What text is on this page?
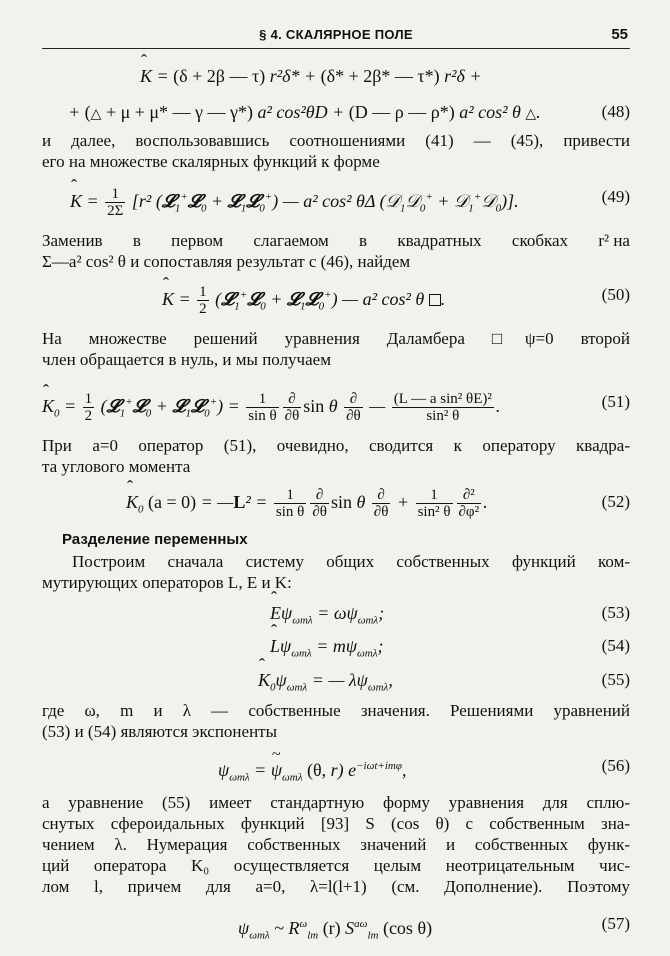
§ 4. СКАЛЯРНОЕ ПОЛЕ	55
ˆ K = (δ + 2β — τ) r²δ* + (δ* + 2β* — τ*) r²δ +
+ (△ + μ + μ* — γ — γ*) a² cos²θD + (D — ρ — ρ*) a² cos² θ △.	(48)
и далее, воспользовавшись соотношениями (41) — (45), привести
его на множестве скалярных функций к форме
ˆ $K = \frac{1}{2\Sigma} [r^2$ (𝓛$_1$+𝓛$_0$ + 𝓛$_1$𝓛$_0$+) — a² cos² θΔ (𝒟$_1$𝒟$_0$+ + 𝒟$_1$+𝒟$_0$)].	(49)
Заменив в первом слагаемом в квадратных скобках r² на
Σ—a² cos² θ и сопоставляя результат с (46), найдем
ˆ $K = \frac{1}{2}$ (𝓛$_1$+𝓛$_0$ + 𝓛$_1$𝓛$_0$+) — a² cos² θ .	(50)
На множестве решений уравнения Даламбера □ψ=0 второй
член обращается в нуль, и мы получаем
ˆ $K_0 = \frac{1}{2}$ (𝓛$_1$+𝓛$_0$ + 𝓛$_1$𝓛$_0$+) = $\frac{1}{\text{sin θ}} \frac{\partial}{\partial\theta}$ sin θ $\frac{\partial}{\partial\theta}$ — $\frac{\text{(L — a sin² θE)²}}{\text{sin² θ}}$ .	(51)
При a=0 оператор (51), очевидно, сводится к оператору квадра-
та углового момента
ˆ $K_0$ (a = 0) = —L² = $\frac{1}{\text{sin θ}} \frac{\partial}{\partial\theta}$ sin θ $\frac{\partial}{\partial\theta} + \frac{1}{\text{sin² θ}} \frac{\text{∂²}}{\text{∂φ²}}$ .	(52)
Разделение переменных
Построим сначала систему общих собственных функций ком-
мутирующих операторов L, E и K:
ˆ $E\psi_{\omega m\lambda} = \omega\psi_{\omega m\lambda}$;	(53)
ˆ $L\psi_{\omega m\lambda} = m\psi_{\omega m\lambda}$;	(54)
ˆ $K_0\psi_{\omega m\lambda}$ = — $\lambda\psi_{\omega m\lambda}$,	(55)
где ω, m и λ — собственные значения. Решениями уравнений
(53) и (54) являются экспоненты
$\psi_{\omega m\lambda}$ = ~ $\psi_{\omega m\lambda}$ (θ, r) $e^{-i\omega t+im\varphi}$,	(56)
а уравнение (55) имеет стандартную форму уравнения для сплю-
снутых сфероидальных функций [93] S (cos θ) с собственным зна-
чением λ. Нумерация собственных значений и собственных функ-
ций оператора K₀ осуществляется целым неотрицательным чис-
лом l, причем для a=0, λ=l(l+1) (см. Дополнение). Поэтому
$\psi_{\omega m\lambda}$ ~ $R^\omega_{lm}$ (r) $S^{a\omega}_{lm}$ (cos θ)	(57)
